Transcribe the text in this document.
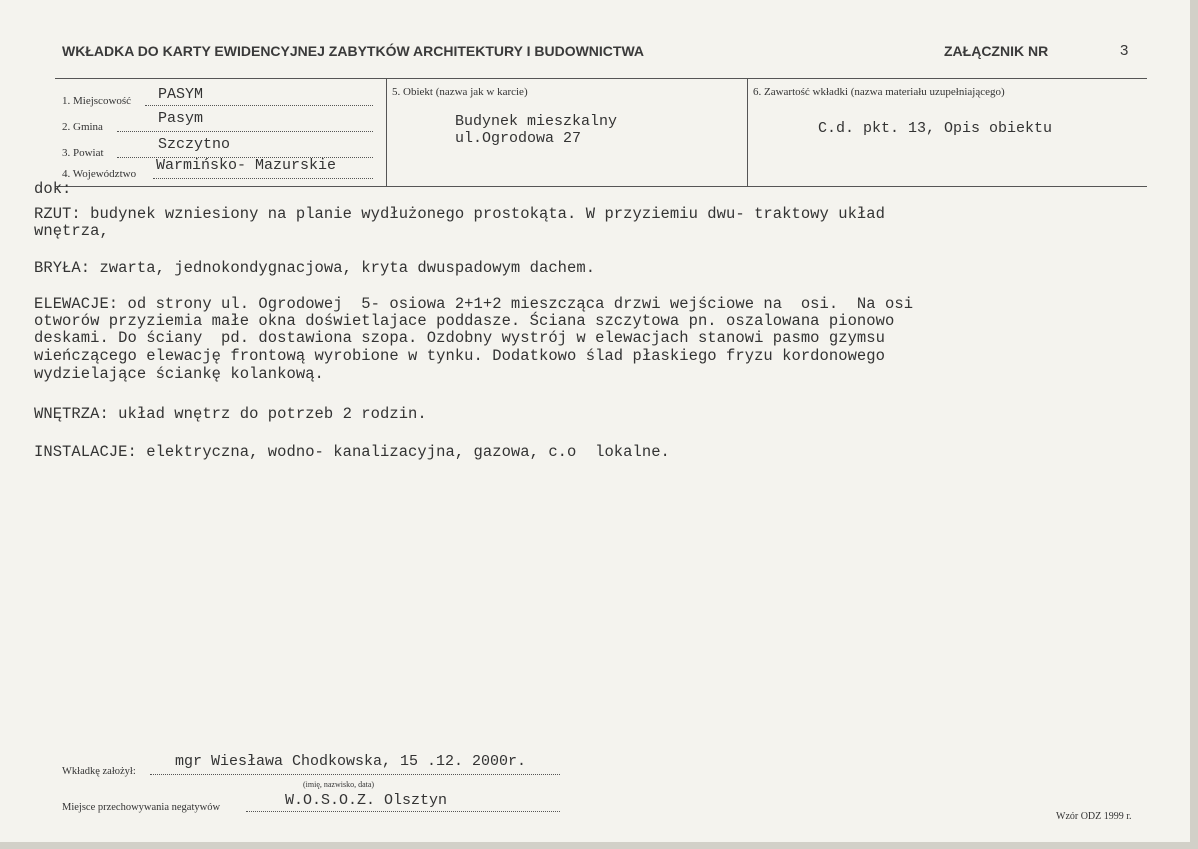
WKŁADKA DO KARTY EWIDENCYJNEJ ZABYTKÓW ARCHITEKTURY I BUDOWNICTWA	ZAŁĄCZNIK NR	3
1. Miejscowość PASYM
2. Gmina	Pasym
3. Powiat	Szczytno
4. Województwo Warmińsko- Mazurskie
5. Obiekt (nazwa jak w karcie)
Budynek mieszkalny
ul.Ogrodowa 27
6. Zawartość wkładki (nazwa materiału uzupełniającego)
C.d. pkt. 13, Opis obiektu
dok:
RZUT: budynek wzniesiony na planie wydłużonego prostokąta. W przyziemiu dwu- traktowy układ
wnętrza,
BRYŁA: zwarta, jednokondygnacjowa, kryta dwuspadowym dachem.
ELEWACJE: od strony ul. Ogrodowej  5- osiowa 2+1+2 mieszcząca drzwi wejściowe na  osi.  Na osi
otworów przyziemia małe okna doświetlajace poddasze. Ściana szczytowa pn. oszalowana pionowo
deskami. Do ściany  pd. dostawiona szopa. Ozdobny wystrój w elewacjach stanowi pasmo gzymsu
wieńczącego elewację frontową wyrobione w tynku. Dodatkowo ślad płaskiego fryzu kordonowego
wydzielające ściankę kolankową.
WNĘTRZA: układ wnętrz do potrzeb 2 rodzin.
INSTALACJE: elektryczna, wodno- kanalizacyjna, gazowa, c.o  lokalne.
Wkładkę założył:
mgr Wiesława Chodkowska, 15 .12. 2000r.
(imię, nazwisko, data)
Miejsce przechowywania negatywów	W.O.S.O.Z. Olsztyn
Wzór ODZ 1999 r.
